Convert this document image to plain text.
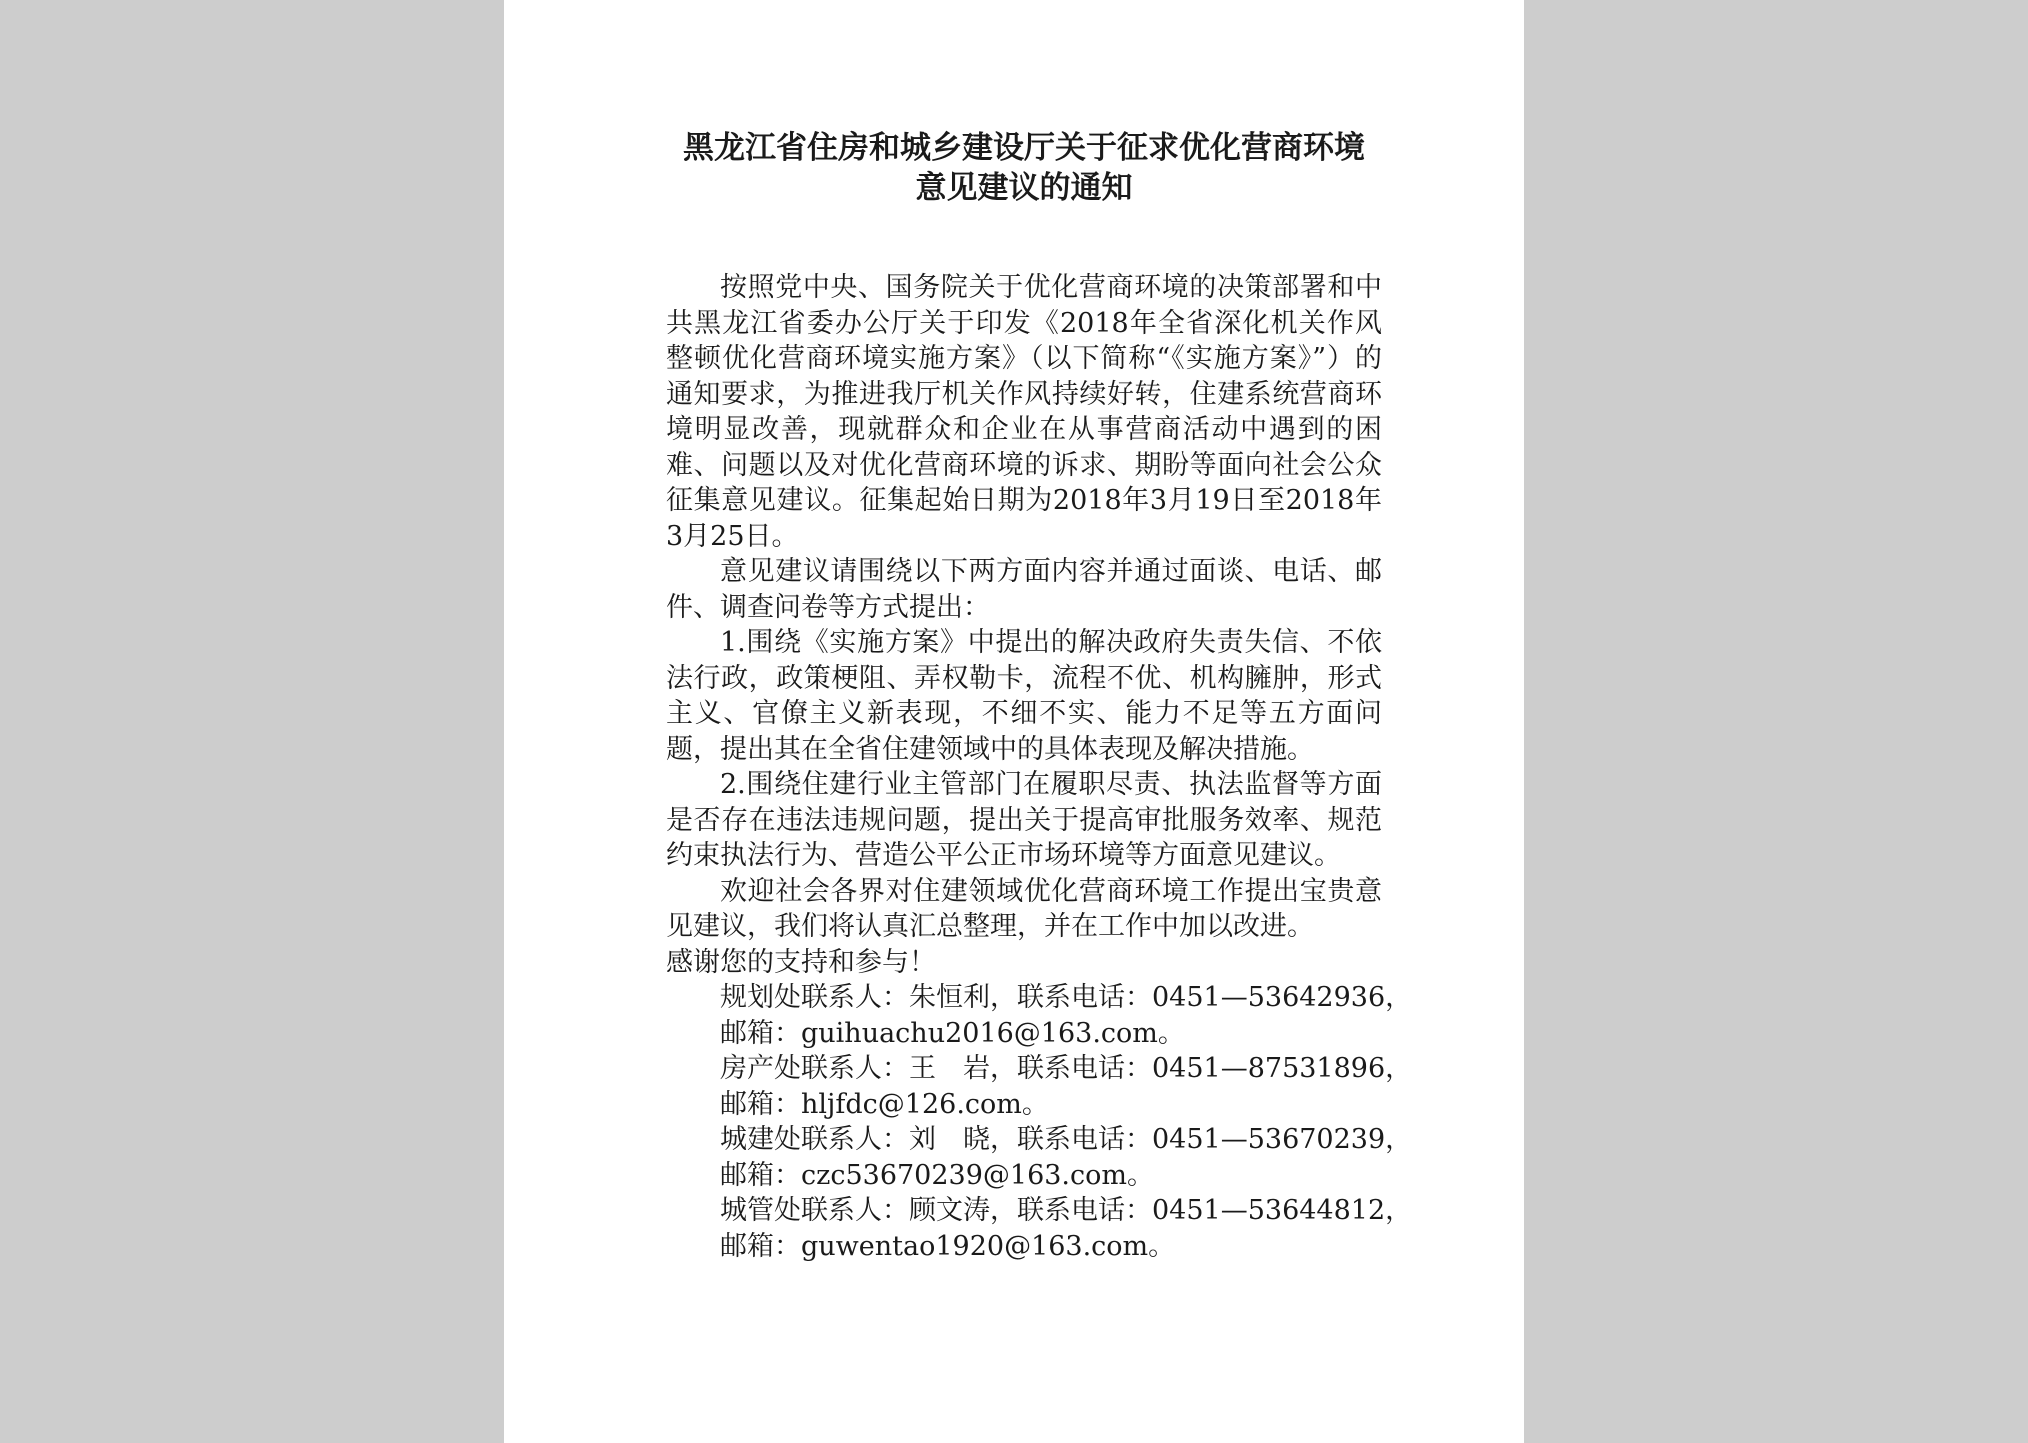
黑龙江省住房和城乡建设厅关于征求优化营商环境
意见建议的通知

按照党中央、国务院关于优化营商环境的决策部署和中共黑龙江省委办公厅关于印发《2018年全省深化机关作风整顿优化营商环境实施方案》（以下简称“《实施方案》”）的通知要求，为推进我厅机关作风持续好转，住建系统营商环境明显改善，现就群众和企业在从事营商活动中遇到的困难、问题以及对优化营商环境的诉求、期盼等面向社会公众征集意见建议。征集起始日期为2018年3月19日至2018年3月25日。

意见建议请围绕以下两方面内容并通过面谈、电话、邮件、调查问卷等方式提出：

1.围绕《实施方案》中提出的解决政府失责失信、不依法行政，政策梗阻、弄权勒卡，流程不优、机构臃肿，形式主义、官僚主义新表现，不细不实、能力不足等五方面问题，提出其在全省住建领域中的具体表现及解决措施。

2.围绕住建行业主管部门在履职尽责、执法监督等方面是否存在违法违规问题，提出关于提高审批服务效率、规范约束执法行为、营造公平公正市场环境等方面意见建议。

欢迎社会各界对住建领域优化营商环境工作提出宝贵意见建议，我们将认真汇总整理，并在工作中加以改进。

感谢您的支持和参与！

规划处联系人：朱恒利，联系电话：0451—53642936，
邮箱：guihuachu2016@163.com。
房产处联系人：王　岩，联系电话：0451—87531896，
邮箱：hljfdc@126.com。
城建处联系人：刘　晓，联系电话：0451—53670239，
邮箱：czc53670239@163.com。
城管处联系人：顾文涛，联系电话：0451—53644812，
邮箱：guwentao1920@163.com。
